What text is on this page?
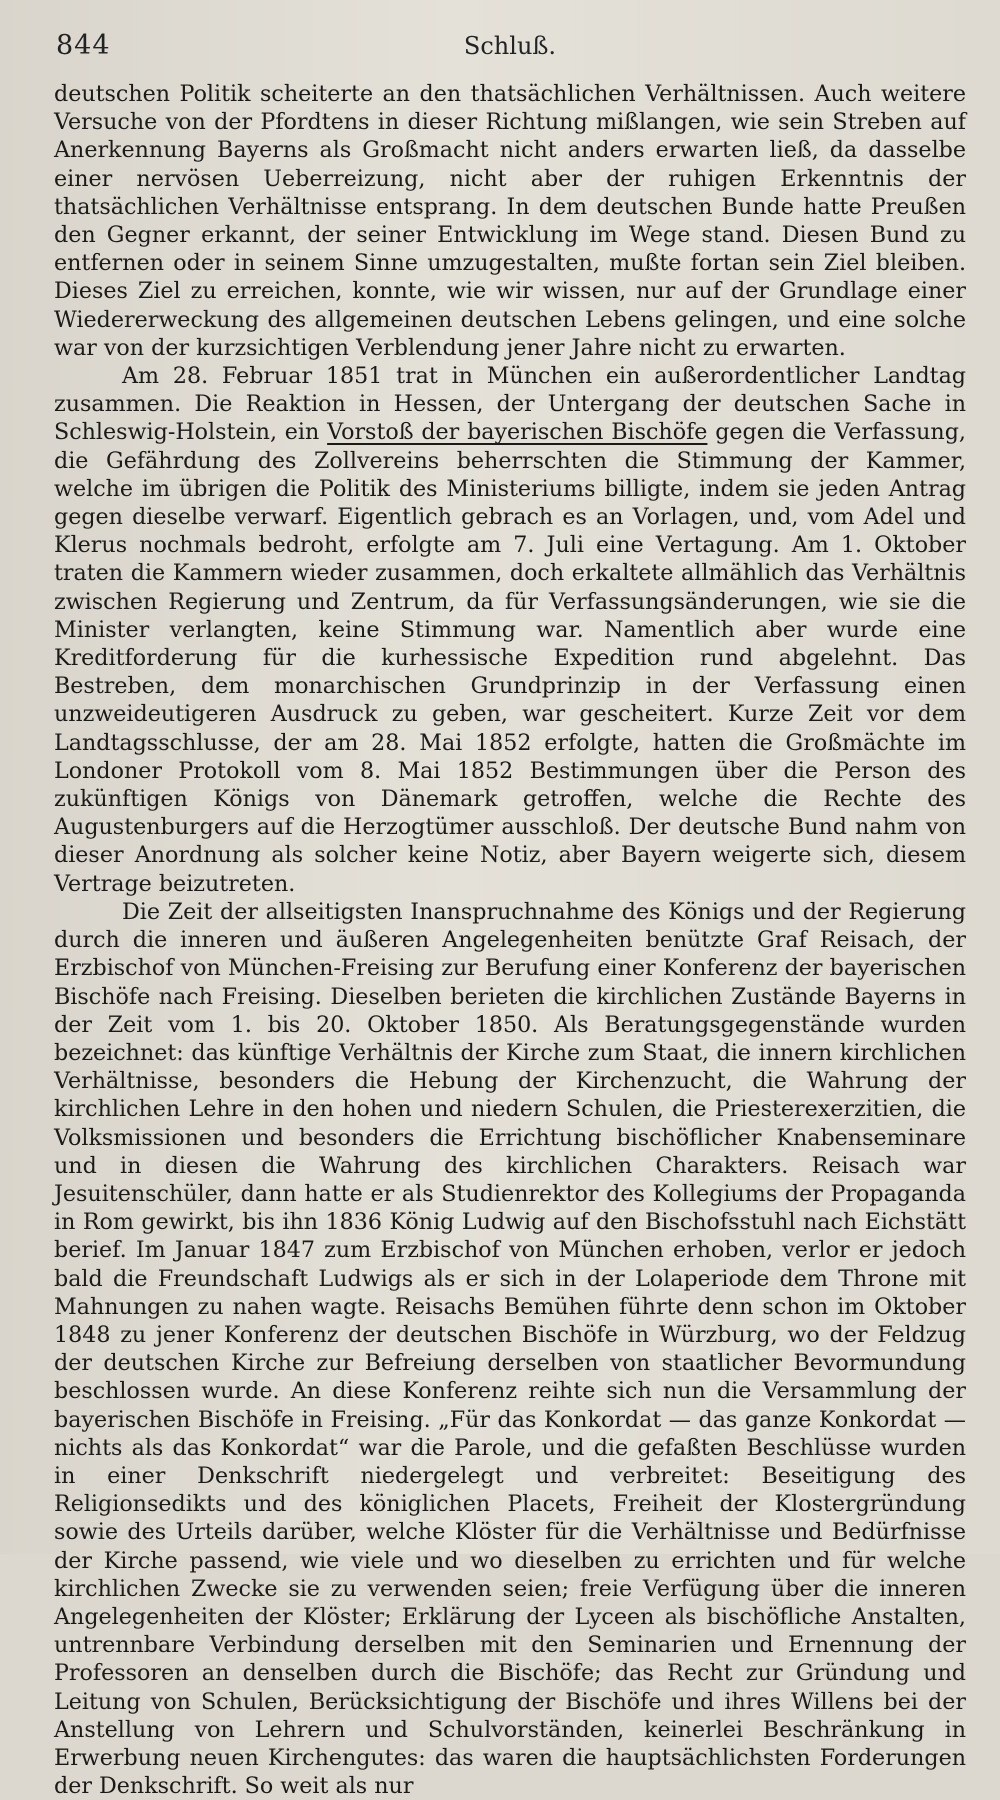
844	Schluß.

deutschen Politik scheiterte an den thatsächlichen Verhältnissen. Auch weitere Versuche von der Pfordtens in dieser Richtung mißlangen, wie sein Streben auf Anerkennung Bayerns als Großmacht nicht anders erwarten ließ, da dasselbe einer nervösen Ueberreizung, nicht aber der ruhigen Erkenntnis der thatsächlichen Verhältnisse entsprang. In dem deutschen Bunde hatte Preußen den Gegner erkannt, der seiner Entwicklung im Wege stand. Diesen Bund zu entfernen oder in seinem Sinne umzugestalten, mußte fortan sein Ziel bleiben. Dieses Ziel zu erreichen, konnte, wie wir wissen, nur auf der Grundlage einer Wiedererweckung des allgemeinen deutschen Lebens gelingen, und eine solche war von der kurzsichtigen Verblendung jener Jahre nicht zu erwarten.

Am 28. Februar 1851 trat in München ein außerordentlicher Landtag zusammen. Die Reaktion in Hessen, der Untergang der deutschen Sache in Schleswig-Holstein, ein Vorstoß der bayerischen Bischöfe gegen die Verfassung, die Gefährdung des Zollvereins beherrschten die Stimmung der Kammer, welche im übrigen die Politik des Ministeriums billigte, indem sie jeden Antrag gegen dieselbe verwarf. Eigentlich gebrach es an Vorlagen, und, vom Adel und Klerus nochmals bedroht, erfolgte am 7. Juli eine Vertagung. Am 1. Oktober traten die Kammern wieder zusammen, doch erkaltete allmählich das Verhältnis zwischen Regierung und Zentrum, da für Verfassungsänderungen, wie sie die Minister verlangten, keine Stimmung war. Namentlich aber wurde eine Kreditforderung für die kurhessische Expedition rund abgelehnt. Das Bestreben, dem monarchischen Grundprinzip in der Verfassung einen unzweideutigeren Ausdruck zu geben, war gescheitert. Kurze Zeit vor dem Landtagsschlusse, der am 28. Mai 1852 erfolgte, hatten die Großmächte im Londoner Protokoll vom 8. Mai 1852 Bestimmungen über die Person des zukünftigen Königs von Dänemark getroffen, welche die Rechte des Augustenburgers auf die Herzogtümer ausschloß. Der deutsche Bund nahm von dieser Anordnung als solcher keine Notiz, aber Bayern weigerte sich, diesem Vertrage beizutreten.

Die Zeit der allseitigsten Inanspruchnahme des Königs und der Regierung durch die inneren und äußeren Angelegenheiten benützte Graf Reisach, der Erzbischof von München-Freising zur Berufung einer Konferenz der bayerischen Bischöfe nach Freising. Dieselben berieten die kirchlichen Zustände Bayerns in der Zeit vom 1. bis 20. Oktober 1850. Als Beratungsgegenstände wurden bezeichnet: das künftige Verhältnis der Kirche zum Staat, die innern kirchlichen Verhältnisse, besonders die Hebung der Kirchenzucht, die Wahrung der kirchlichen Lehre in den hohen und niedern Schulen, die Priesterexerzitien, die Volksmissionen und besonders die Errichtung bischöflicher Knabenseminare und in diesen die Wahrung des kirchlichen Charakters. Reisach war Jesuitenschüler, dann hatte er als Studienrektor des Kollegiums der Propaganda in Rom gewirkt, bis ihn 1836 König Ludwig auf den Bischofsstuhl nach Eichstätt berief. Im Januar 1847 zum Erzbischof von München erhoben, verlor er jedoch bald die Freundschaft Ludwigs als er sich in der Lolaperiode dem Throne mit Mahnungen zu nahen wagte. Reisachs Bemühen führte denn schon im Oktober 1848 zu jener Konferenz der deutschen Bischöfe in Würzburg, wo der Feldzug der deutschen Kirche zur Befreiung derselben von staatlicher Bevormundung beschlossen wurde. An diese Konferenz reihte sich nun die Versammlung der bayerischen Bischöfe in Freising. „Für das Konkordat — das ganze Konkordat — nichts als das Konkordat“ war die Parole, und die gefaßten Beschlüsse wurden in einer Denkschrift niedergelegt und verbreitet: Beseitigung des Religionsedikts und des königlichen Placets, Freiheit der Klostergründung sowie des Urteils darüber, welche Klöster für die Verhältnisse und Bedürfnisse der Kirche passend, wie viele und wo dieselben zu errichten und für welche kirchlichen Zwecke sie zu verwenden seien; freie Verfügung über die inneren Angelegenheiten der Klöster; Erklärung der Lyceen als bischöfliche Anstalten, untrennbare Verbindung derselben mit den Seminarien und Ernennung der Professoren an denselben durch die Bischöfe; das Recht zur Gründung und Leitung von Schulen, Berücksichtigung der Bischöfe und ihres Willens bei der Anstellung von Lehrern und Schulvorständen, keinerlei Beschränkung in Erwerbung neuen Kirchengutes: das waren die hauptsächlichsten Forderungen der Denkschrift. So weit als nur
